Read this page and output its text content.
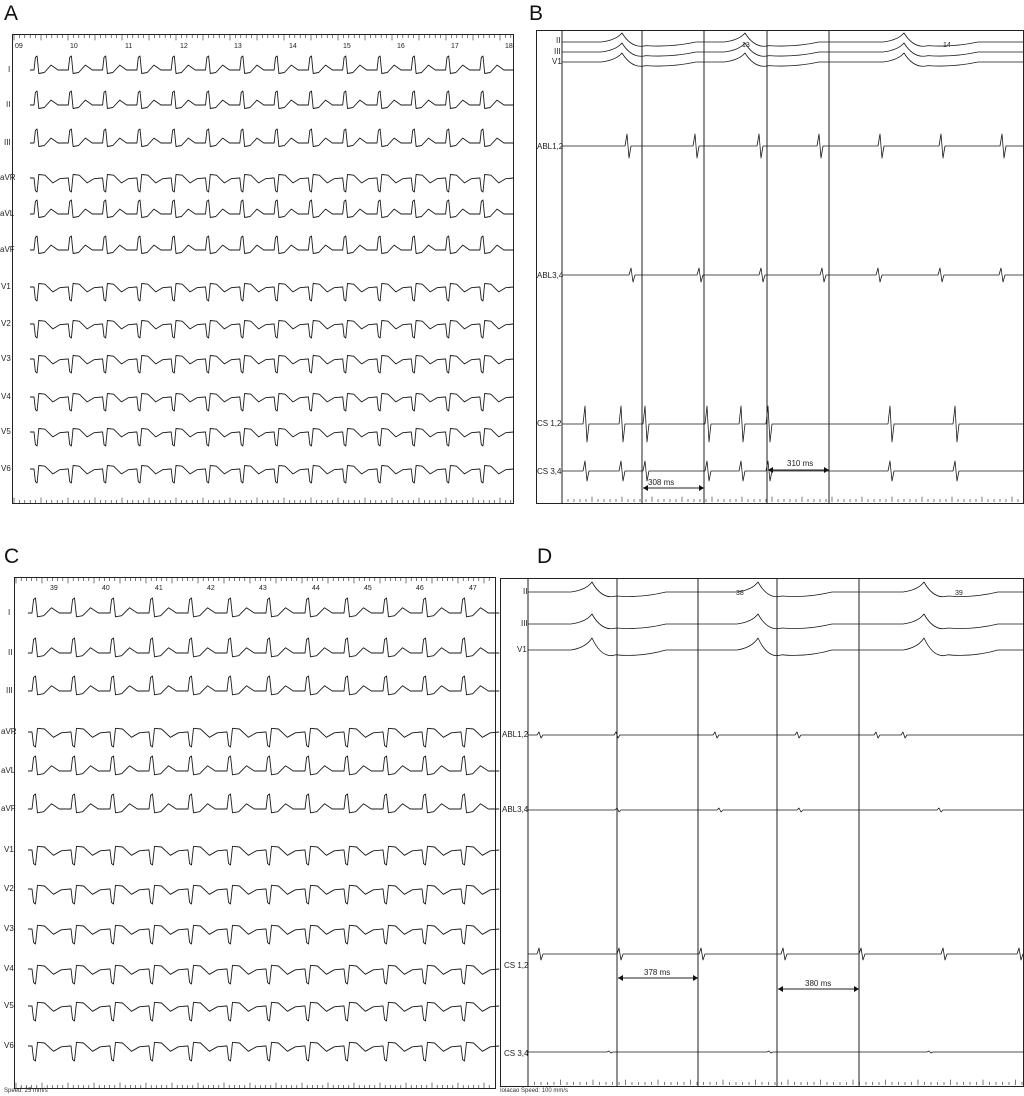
A
09	10	11	12	13	14	15	16	17	18
I
II
III
aVR
aVL
aVF
V1
V2
V3
V4
V5
V6
B
13	14
II
III
V1
ABL1,2
ABL3,4
CS 1,2
CS 3,4
308 ms
310 ms
C
39	40	41	42	43	44	45	46	47
I
II
III
aVR
aVL
aVF
V1
V2
V3
V4
V5
V6
Speed: 25 mm/s
D
38	39
II
III
V1
ABL1,2
ABL3,4
CS 1,2
CS 3,4
378 ms
380 ms
Iolacao Speed: 100 mm/s
